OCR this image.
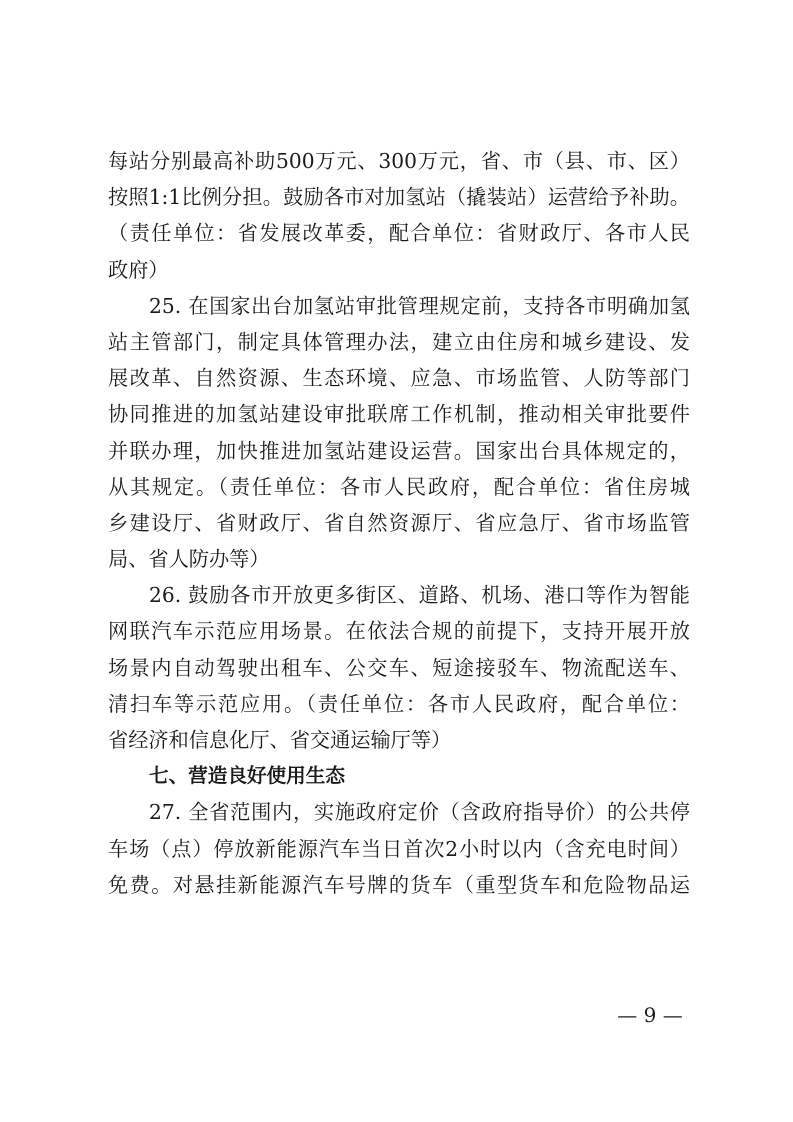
每站分别最高补助500万元、300万元，省、市（县、市、区）
按照1:1比例分担。鼓励各市对加氢站（撬装站）运营给予补助。
（责任单位：省发展改革委，配合单位：省财政厅、各市人民
政府）
25. 在国家出台加氢站审批管理规定前，支持各市明确加氢
站主管部门，制定具体管理办法，建立由住房和城乡建设、发
展改革、自然资源、生态环境、应急、市场监管、人防等部门
协同推进的加氢站建设审批联席工作机制，推动相关审批要件
并联办理，加快推进加氢站建设运营。国家出台具体规定的，
从其规定。（责任单位：各市人民政府，配合单位：省住房城
乡建设厅、省财政厅、省自然资源厅、省应急厅、省市场监管
局、省人防办等）
26. 鼓励各市开放更多街区、道路、机场、港口等作为智能
网联汽车示范应用场景。在依法合规的前提下，支持开展开放
场景内自动驾驶出租车、公交车、短途接驳车、物流配送车、
清扫车等示范应用。（责任单位：各市人民政府，配合单位：
省经济和信息化厅、省交通运输厅等）
七、营造良好使用生态
27. 全省范围内，实施政府定价（含政府指导价）的公共停
车场（点）停放新能源汽车当日首次2小时以内（含充电时间）
免费。对悬挂新能源汽车号牌的货车（重型货车和危险物品运
— 9 —
